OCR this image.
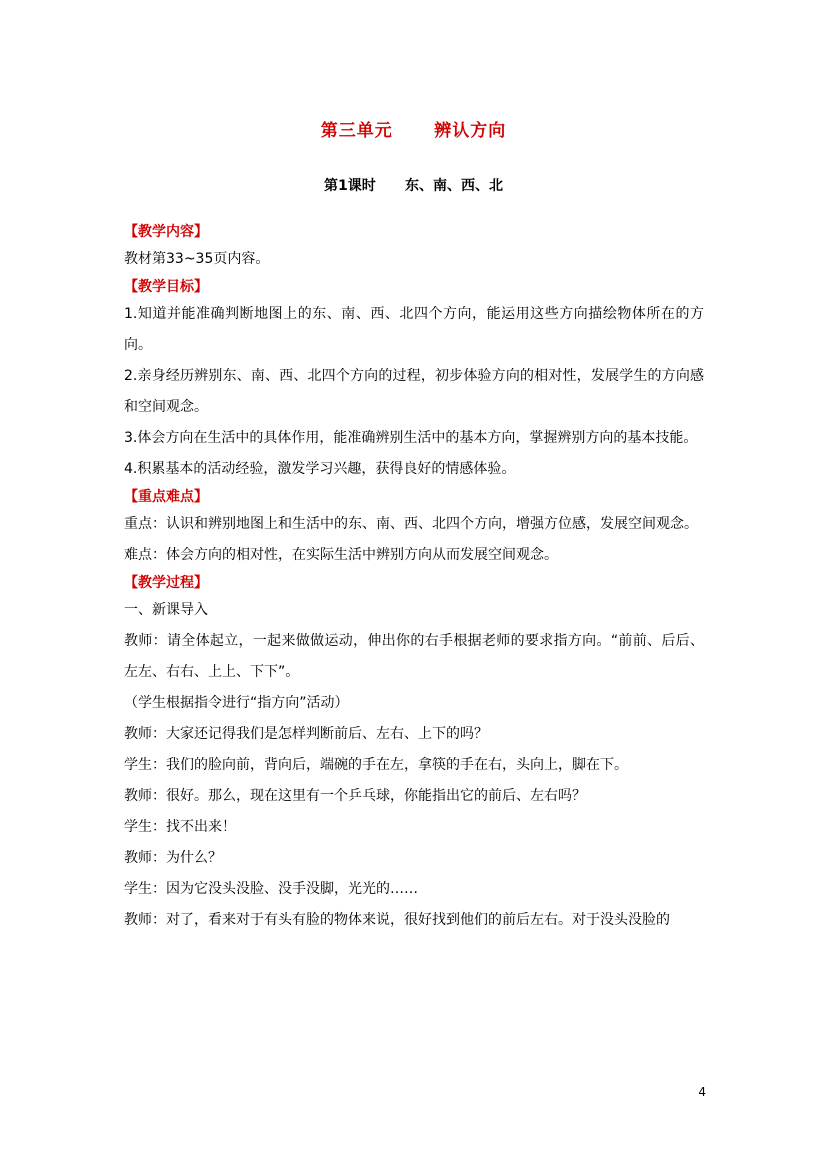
第三单元      辨认方向
第1课时      东、南、西、北
【教学内容】
教材第33~35页内容。
【教学目标】
1.知道并能准确判断地图上的东、南、西、北四个方向，能运用这些方向描绘物体所在的方向。
2.亲身经历辨别东、南、西、北四个方向的过程，初步体验方向的相对性，发展学生的方向感和空间观念。
3.体会方向在生活中的具体作用，能准确辨别生活中的基本方向，掌握辨别方向的基本技能。
4.积累基本的活动经验，激发学习兴趣，获得良好的情感体验。
【重点难点】
重点：认识和辨别地图上和生活中的东、南、西、北四个方向，增强方位感，发展空间观念。
难点：体会方向的相对性，在实际生活中辨别方向从而发展空间观念。
【教学过程】
一、新课导入
教师：请全体起立，一起来做做运动，伸出你的右手根据老师的要求指方向。“前前、后后、左左、右右、上上、下下”。
（学生根据指令进行“指方向”活动）
教师：大家还记得我们是怎样判断前后、左右、上下的吗？
学生：我们的脸向前，背向后，端碗的手在左，拿筷的手在右，头向上，脚在下。
教师：很好。那么，现在这里有一个乒乓球，你能指出它的前后、左右吗？
学生：找不出来！
教师：为什么？
学生：因为它没头没脸、没手没脚，光光的……
教师：对了，看来对于有头有脸的物体来说，很好找到他们的前后左右。对于没头没脸的
4
